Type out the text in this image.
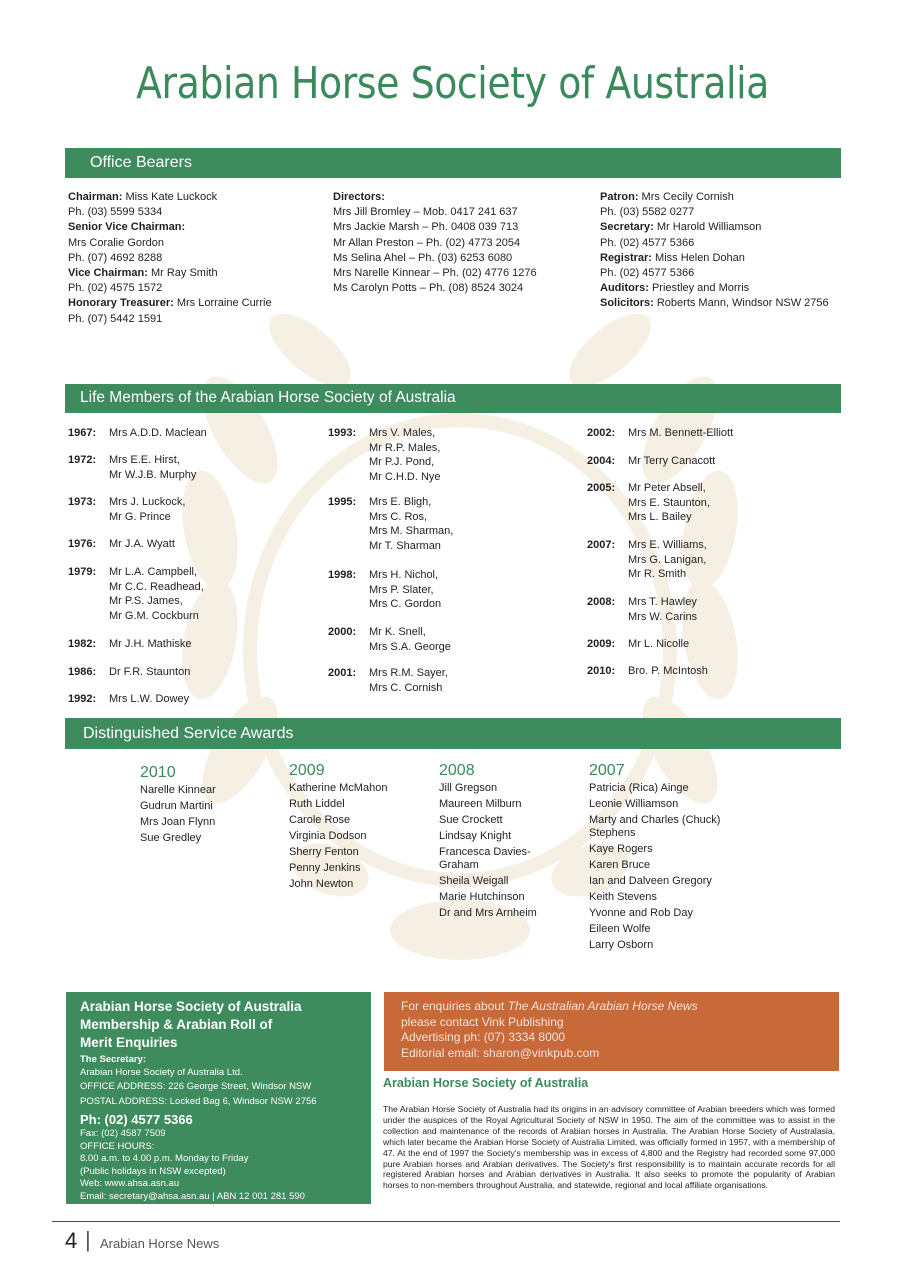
Arabian Horse Society of Australia
Office Bearers
Chairman: Miss Kate Luckock
Ph. (03) 5599 5334
Senior Vice Chairman:
Mrs Coralie Gordon
Ph. (07) 4692 8288
Vice Chairman: Mr Ray Smith
Ph. (02) 4575 1572
Honorary Treasurer: Mrs Lorraine Currie
Ph. (07) 5442 1591
Directors:
Mrs Jill Bromley – Mob. 0417 241 637
Mrs Jackie Marsh – Ph. 0408 039 713
Mr Allan Preston – Ph. (02) 4773 2054
Ms Selina Ahel – Ph. (03) 6253 6080
Mrs Narelle Kinnear – Ph. (02) 4776 1276
Ms Carolyn Potts – Ph. (08) 8524 3024
Patron: Mrs Cecily Cornish
Ph. (03) 5582 0277
Secretary: Mr Harold Williamson
Ph. (02) 4577 5366
Registrar: Miss Helen Dohan
Ph. (02) 4577 5366
Auditors: Priestley and Morris
Solicitors: Roberts Mann, Windsor NSW 2756
Life Members of the Arabian Horse Society of Australia
1967:	Mrs A.D.D. Maclean
1972:	Mrs E.E. Hirst,
Mr W.J.B. Murphy
1973:	Mrs J. Luckock,
Mr G. Prince
1976:	Mr J.A. Wyatt
1979:	Mr L.A. Campbell,
Mr C.C. Readhead,
Mr P.S. James,
Mr G.M. Cockburn
1982:	Mr J.H. Mathiske
1986:	Dr F.R. Staunton
1992:	Mrs L.W. Dowey
1993:	Mrs V. Males,
Mr R.P. Males,
Mr P.J. Pond,
Mr C.H.D. Nye
1995:	Mrs E. Bligh,
Mrs C. Ros,
Mrs M. Sharman,
Mr T. Sharman
1998:	Mrs H. Nichol,
Mrs P. Slater,
Mrs C. Gordon
2000:	Mr K. Snell,
Mrs S.A. George
2001:	Mrs R.M. Sayer,
Mrs C. Cornish
2002:	Mrs M. Bennett-Elliott
2004:	Mr Terry Canacott
2005:	Mr Peter Absell,
Mrs E. Staunton,
Mrs L. Bailey
2007:	Mrs E. Williams,
Mrs G. Lanigan,
Mr R. Smith
2008:	Mrs T. Hawley
Mrs W. Carins
2009:	Mr L. Nicolle
2010:	Bro. P. McIntosh
Distinguished Service Awards
2010
Narelle Kinnear
Gudrun Martini
Mrs Joan Flynn
Sue Gredley
2009
Katherine McMahon
Ruth Liddel
Carole Rose
Virginia Dodson
Sherry Fenton
Penny Jenkins
John Newton
2008
Jill Gregson
Maureen Milburn
Sue Crockett
Lindsay Knight
Francesca Davies-
Graham
Sheila Weigall
Marie Hutchinson
Dr and Mrs Arnheim
2007
Patricia (Rica) Ainge
Leonie Williamson
Marty and Charles (Chuck)
Stephens
Kaye Rogers
Karen Bruce
Ian and Dalveen Gregory
Keith Stevens
Yvonne and Rob Day
Eileen Wolfe
Larry Osborn
Arabian Horse Society of Australia
Membership & Arabian Roll of
Merit Enquiries
The Secretary:
Arabian Horse Society of Australia Ltd.
OFFICE ADDRESS: 226 George Street, Windsor NSW
POSTAL ADDRESS: Locked Bag 6, Windsor NSW 2756
Ph: (02) 4577 5366
Fax: (02) 4587 7509
OFFICE HOURS:
8.00 a.m. to 4.00 p.m. Monday to Friday
(Public holidays in NSW excepted)
Web: www.ahsa.asn.au
Email: secretary@ahsa.asn.au | ABN 12 001 281 590
For enquiries about The Australian Arabian Horse News
please contact Vink Publishing
Advertising ph: (07) 3334 8000
Editorial email: sharon@vinkpub.com
Arabian Horse Society of Australia
The Arabian Horse Society of Australia had its origins in an advisory committee of Arabian breeders which was formed under the auspices of the Royal Agricultural Society of NSW in 1950. The aim of the committee was to assist in the collection and maintenance of the records of Arabian horses in Australia. The Arabian Horse Society of Australasia, which later became the Arabian Horse Society of Australia Limited, was officially formed in 1957, with a membership of 47. At the end of 1997 the Society's membership was in excess of 4,800 and the Registry had recorded some 97,000 pure Arabian horses and Arabian derivatives. The Society's first responsibility is to maintain accurate records for all registered Arabian horses and Arabian derivatives in Australia. It also seeks to promote the popularity of Arabian horses to non-members throughout Australia, and statewide, regional and local affiliate organisations.
4 | Arabian Horse News
